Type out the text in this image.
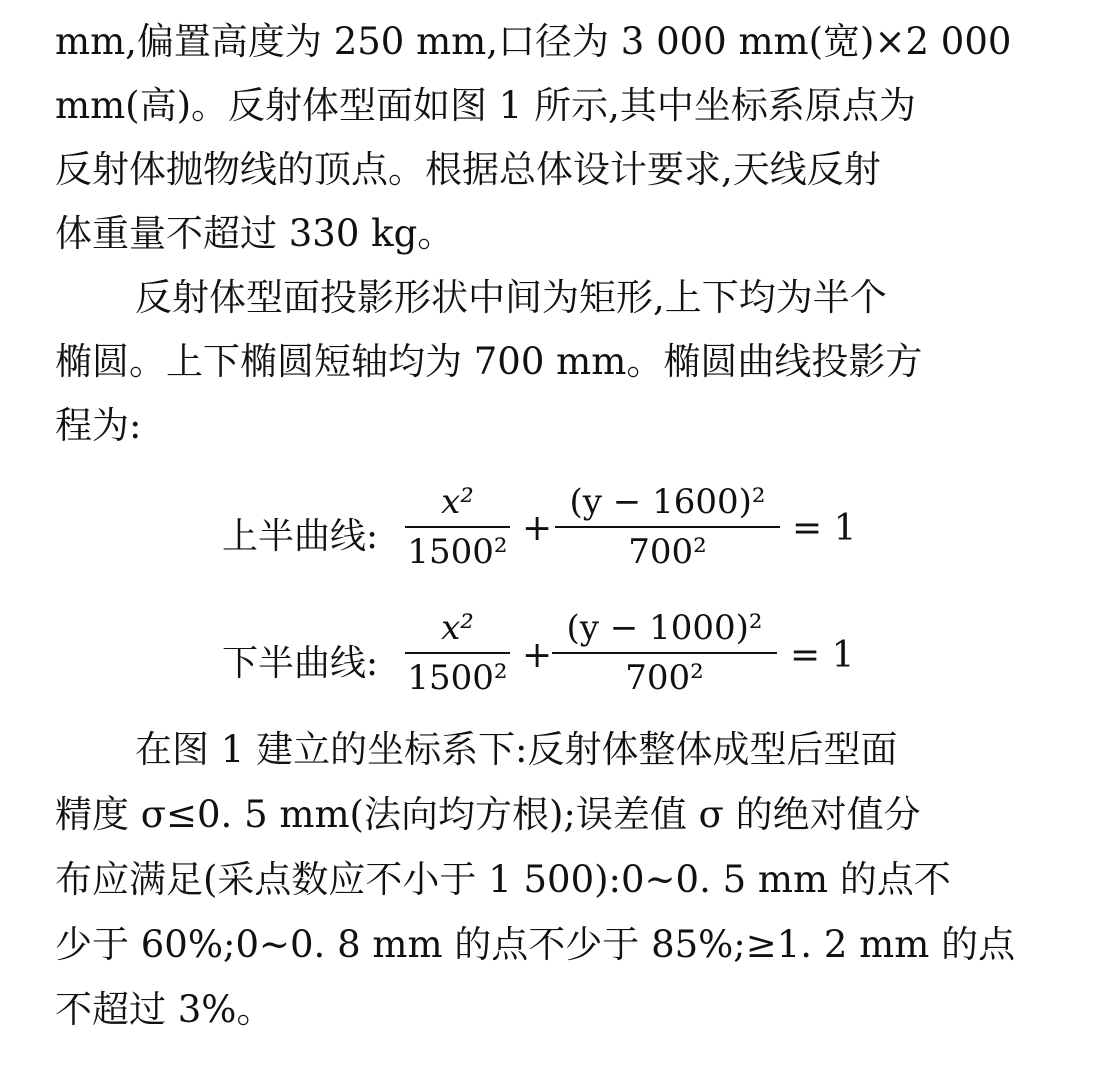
mm,偏置高度为 250 mm,口径为 3 000 mm(宽)×2 000
mm(高)。反射体型面如图 1 所示,其中坐标系原点为
反射体抛物线的顶点。根据总体设计要求,天线反射
体重量不超过 330 kg。
反射体型面投影形状中间为矩形,上下均为半个
椭圆。上下椭圆短轴均为 700 mm。椭圆曲线投影方
程为:
上半曲线: $\frac{\text{x²}}{\text{1500²}} + \frac{\text{(y − 1600)²}}{\text{700²}} = 1$
下半曲线: $\frac{\text{x²}}{\text{1500²}} + \frac{\text{(y − 1000)²}}{\text{700²}} = 1$
在图 1 建立的坐标系下:反射体整体成型后型面
精度 σ≤0. 5 mm(法向均方根);误差值 σ 的绝对值分
布应满足(采点数应不小于 1 500):0~0. 5 mm 的点不
少于 60%;0~0. 8 mm 的点不少于 85%;≥1. 2 mm 的点
不超过 3%。
